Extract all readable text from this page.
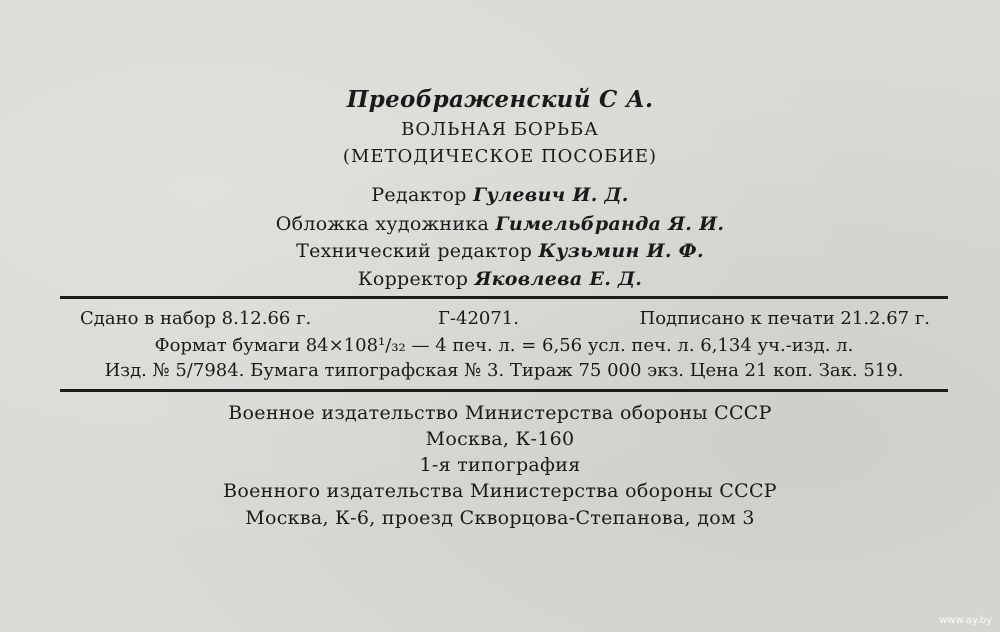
Преображенский С А.
ВОЛЬНАЯ БОРЬБА
(МЕТОДИЧЕСКОЕ ПОСОБИЕ)
Редактор Гулевич И. Д.
Обложка художника Гимельбранда Я. И.
Технический редактор Кузьмин И. Ф.
Корректор Яковлева Е. Д.
Сдано в набор 8.12.66 г.	Г-42071.	Подписано к печати 21.2.67 г.
Формат бумаги 84×108¹/₃₂ — 4 печ. л. = 6,56 усл. печ. л. 6,134 уч.-изд. л.
Изд. № 5/7984. Бумага типографская № 3. Тираж 75 000 экз. Цена 21 коп. Зак. 519.
Военное издательство Министерства обороны СССР
Москва, К-160
1-я типография
Военного издательства Министерства обороны СССР
Москва, К-6, проезд Скворцова-Степанова, дом 3
www.ay.by
